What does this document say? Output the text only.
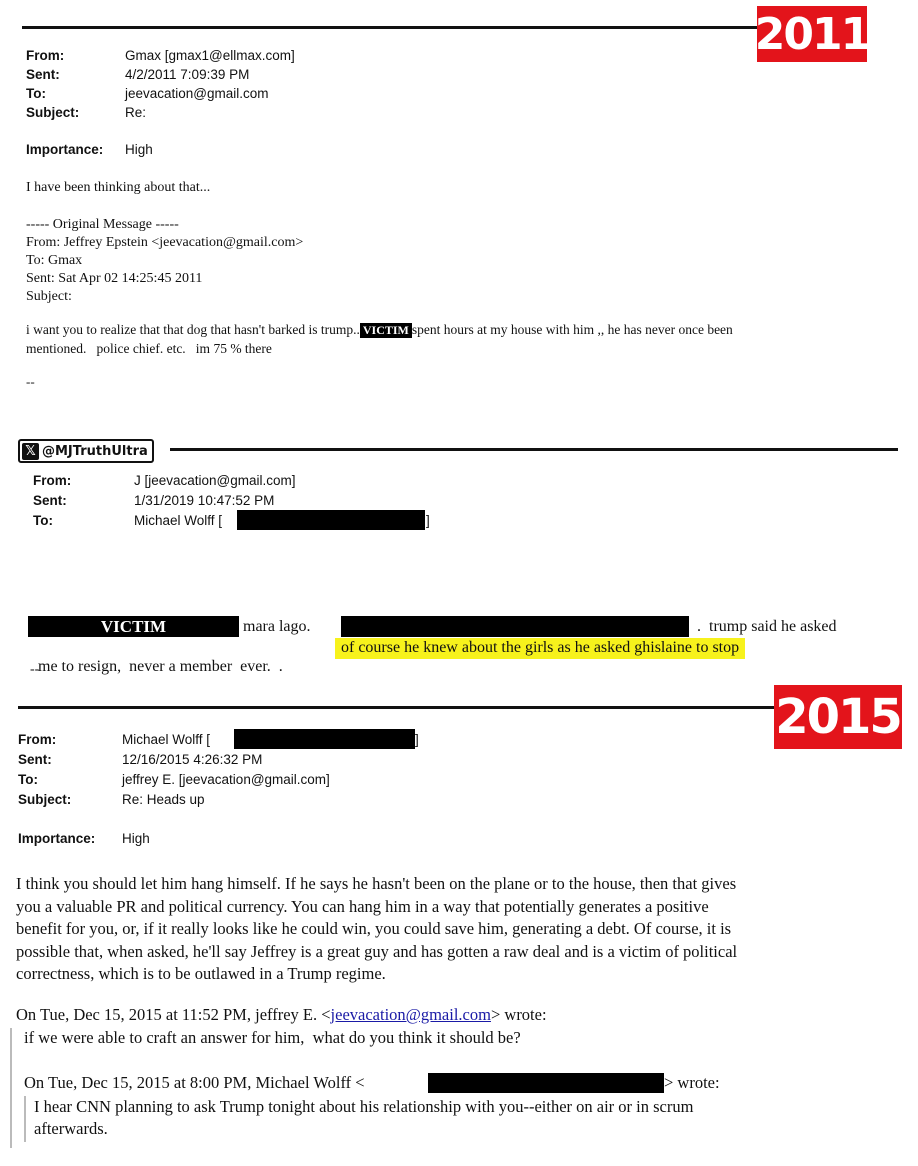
2011
From:	Gmax [gmax1@ellmax.com]
Sent:	4/2/2011 7:09:39 PM
To:	jeevacation@gmail.com
Subject:	Re:
Importance: High
I have been thinking about that...
----- Original Message -----
From: Jeffrey Epstein <jeevacation@gmail.com>
To: Gmax
Sent: Sat Apr 02 14:25:45 2011
Subject:
i want you to realize that that dog that hasn't barked is trump.. VICTIM spent hours at my house with him ,, he has never once been
mentioned.   police chief. etc.   im 75 % there
--
𝕏 @MJTruthUltra
From:	J [jeevacation@gmail.com]
Sent:	1/31/2019 10:47:52 PM
To:	Michael Wolff [	]
VICTIM	mara lago.	.  trump said he asked

me to resign,  never a member  ever.  .

of course he knew about the girls as he asked ghislaine to stop
--
2015
From:	Michael Wolff [	]
Sent:	12/16/2015 4:26:32 PM
To:	jeffrey E. [jeevacation@gmail.com]
Subject:	Re: Heads up
Importance: High
I think you should let him hang himself. If he says he hasn't been on the plane or to the house, then that gives
you a valuable PR and political currency. You can hang him in a way that potentially generates a positive
benefit for you, or, if it really looks like he could win, you could save him, generating a debt. Of course, it is
possible that, when asked, he'll say Jeffrey is a great guy and has gotten a raw deal and is a victim of political
correctness, which is to be outlawed in a Trump regime.
On Tue, Dec 15, 2015 at 11:52 PM, jeffrey E. <jeevacation@gmail.com> wrote:
if we were able to craft an answer for him,  what do you think it should be?
On Tue, Dec 15, 2015 at 8:00 PM, Michael Wolff <	> wrote:
I hear CNN planning to ask Trump tonight about his relationship with you--either on air or in scrum
afterwards.
